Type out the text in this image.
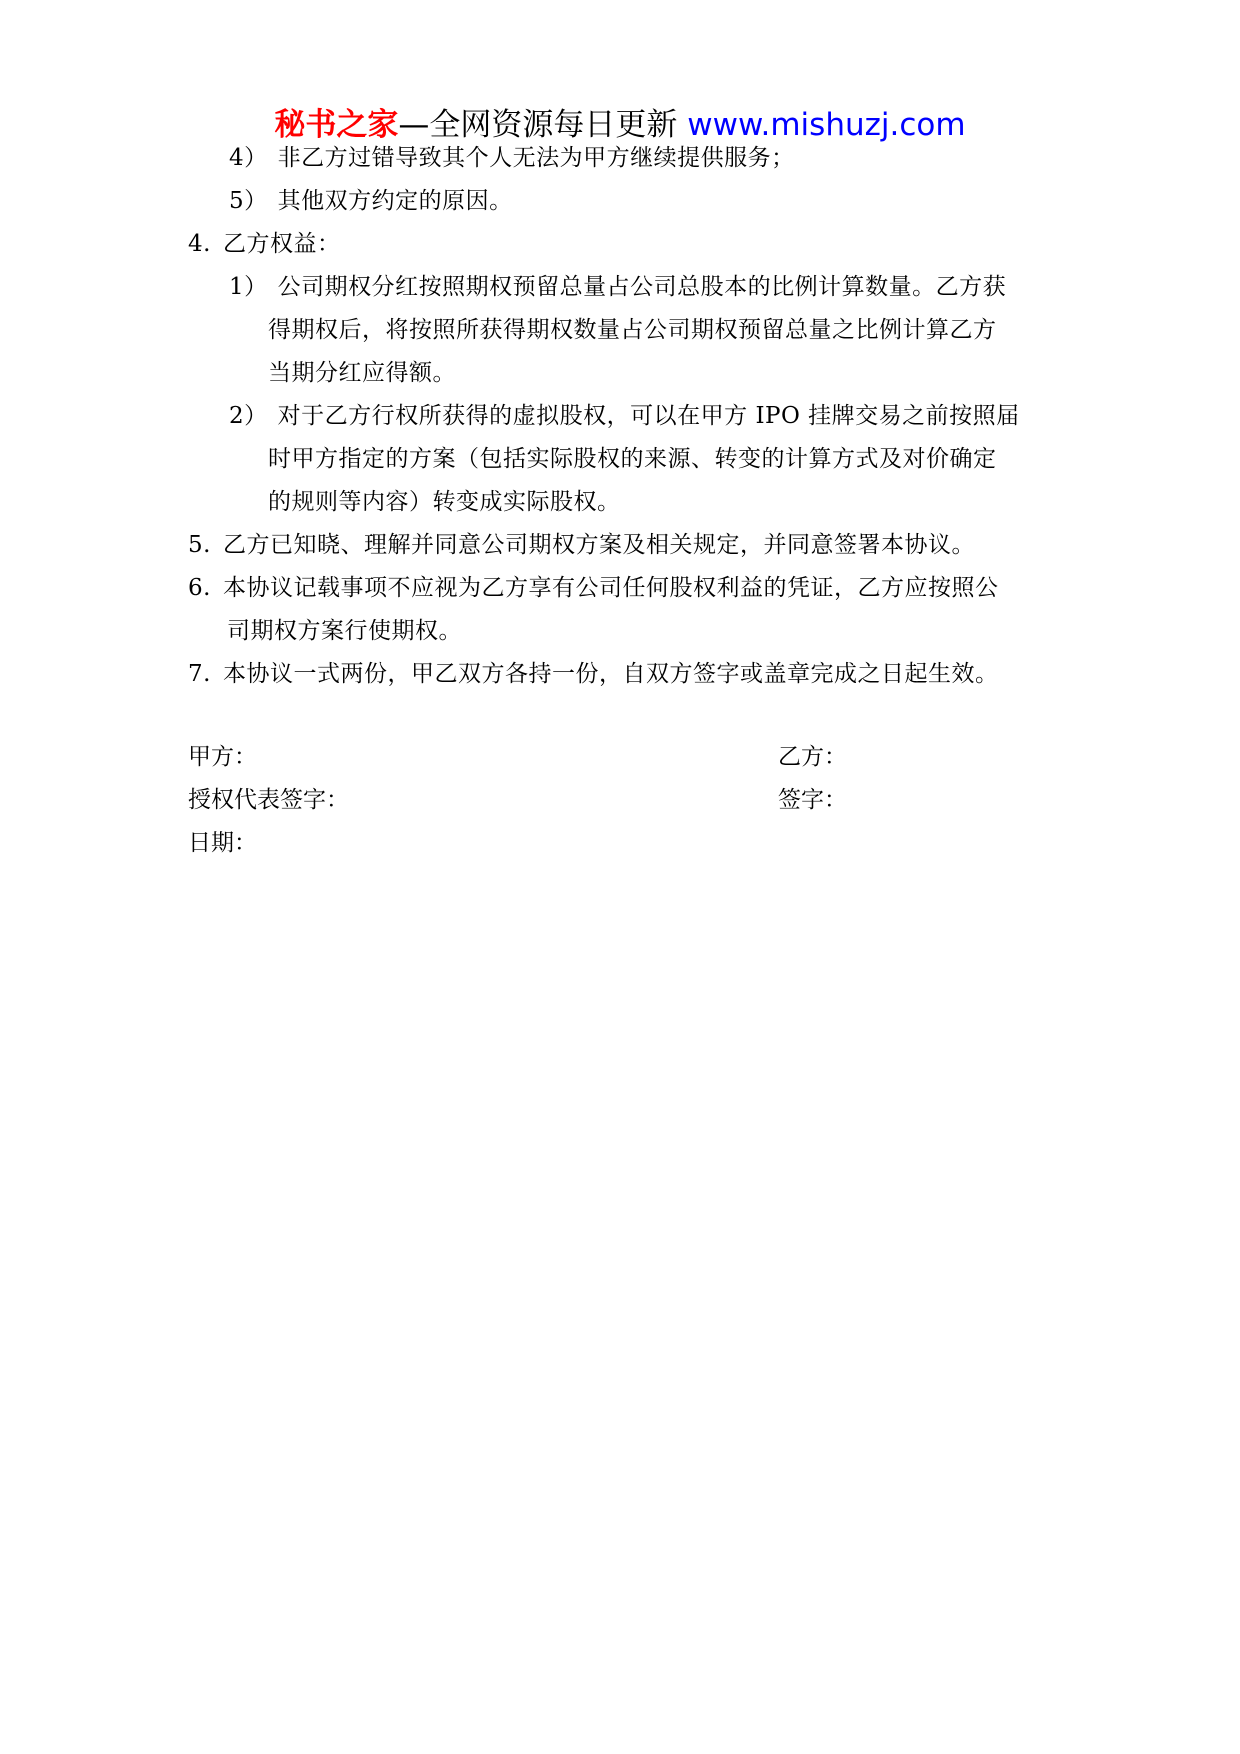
秘书之家—全网资源每日更新 www.mishuzj.com
4） 非乙方过错导致其个人无法为甲方继续提供服务；
5） 其他双方约定的原因。
4. 乙方权益：
1） 公司期权分红按照期权预留总量占公司总股本的比例计算数量。乙方获
得期权后，将按照所获得期权数量占公司期权预留总量之比例计算乙方
当期分红应得额。
2） 对于乙方行权所获得的虚拟股权，可以在甲方 IPO 挂牌交易之前按照届
时甲方指定的方案（包括实际股权的来源、转变的计算方式及对价确定
的规则等内容）转变成实际股权。
5. 乙方已知晓、理解并同意公司期权方案及相关规定，并同意签署本协议。
6. 本协议记载事项不应视为乙方享有公司任何股权利益的凭证，乙方应按照公
司期权方案行使期权。
7. 本协议一式两份，甲乙双方各持一份，自双方签字或盖章完成之日起生效。
甲方：
授权代表签字：
日期：
乙方：
签字：
